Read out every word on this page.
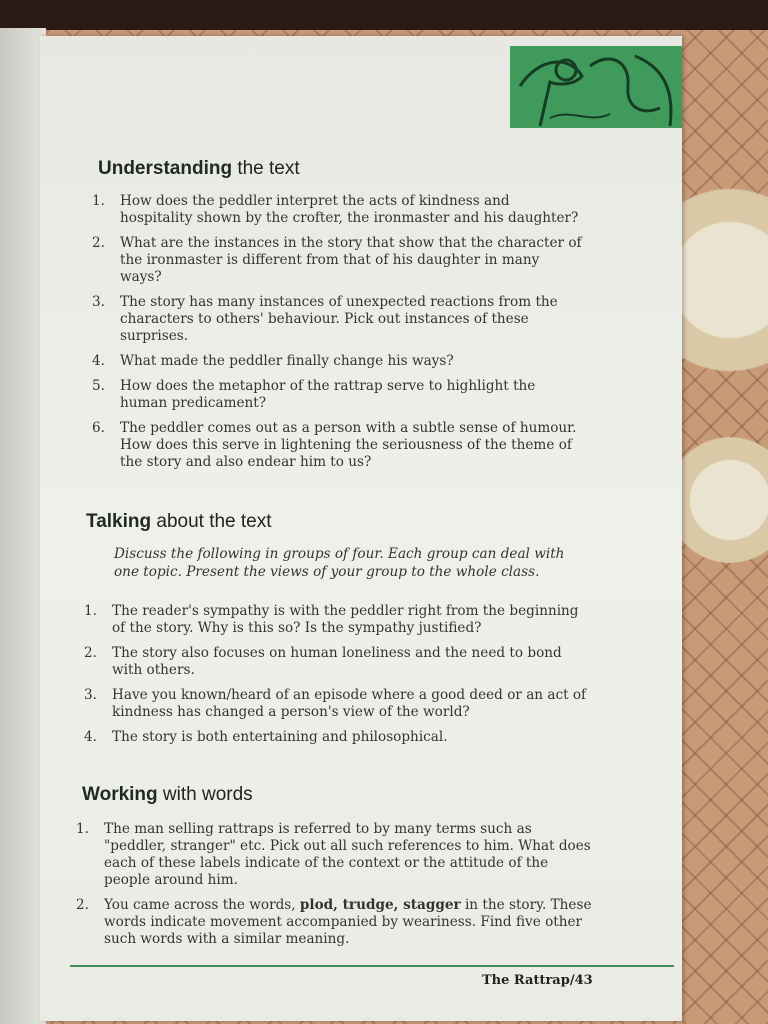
Understanding the text
1. How does the peddler interpret the acts of kindness and hospitality shown by the crofter, the ironmaster and his daughter?
2. What are the instances in the story that show that the character of the ironmaster is different from that of his daughter in many ways?
3. The story has many instances of unexpected reactions from the characters to others' behaviour. Pick out instances of these surprises.
4. What made the peddler finally change his ways?
5. How does the metaphor of the rattrap serve to highlight the human predicament?
6. The peddler comes out as a person with a subtle sense of humour. How does this serve in lightening the seriousness of the theme of the story and also endear him to us?
Talking about the text
Discuss the following in groups of four. Each group can deal with one topic. Present the views of your group to the whole class.
1. The reader's sympathy is with the peddler right from the beginning of the story. Why is this so? Is the sympathy justified?
2. The story also focuses on human loneliness and the need to bond with others.
3. Have you known/heard of an episode where a good deed or an act of kindness has changed a person's view of the world?
4. The story is both entertaining and philosophical.
Working with words
1. The man selling rattraps is referred to by many terms such as "peddler, stranger" etc. Pick out all such references to him. What does each of these labels indicate of the context or the attitude of the people around him.
2. You came across the words, plod, trudge, stagger in the story. These words indicate movement accompanied by weariness. Find five other such words with a similar meaning.
The Rattrap/43
